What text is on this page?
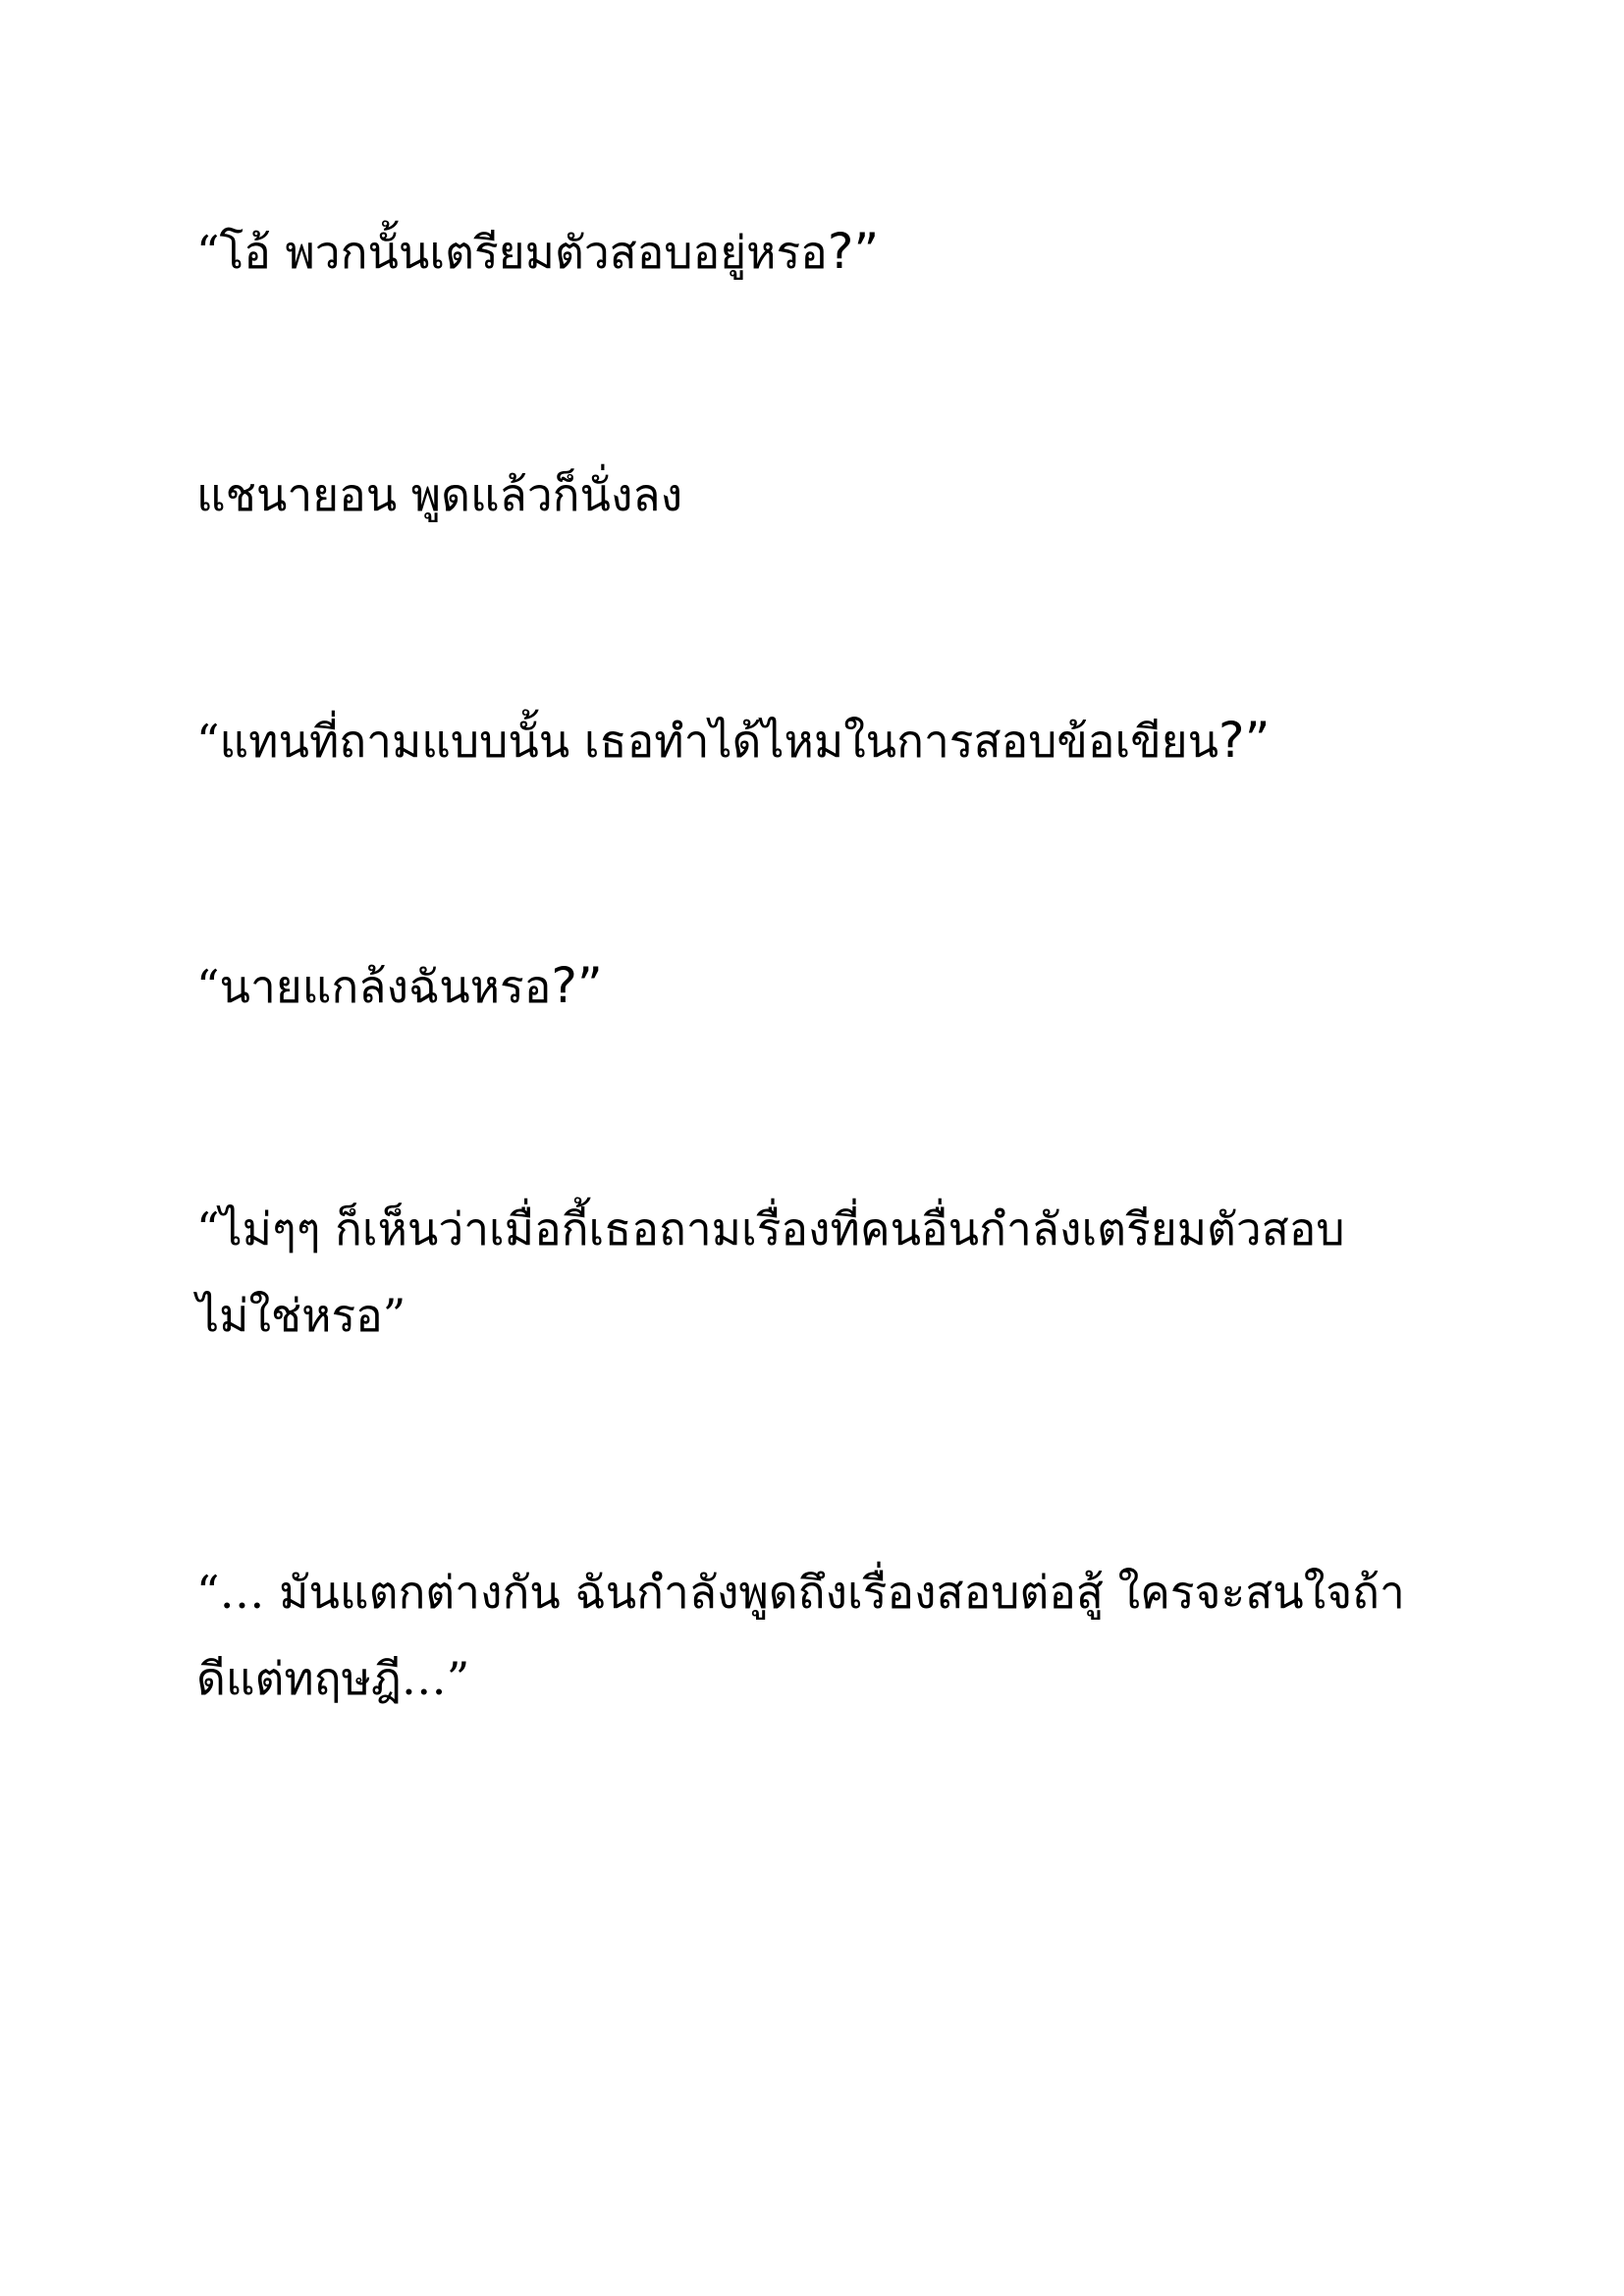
“โอ้ พวกนั้นเตรียมตัวสอบอยู่หรอ?”

แชนายอน พูดแล้วก็นั่งลง

“แทนที่ถามแบบนั้น เธอทำได้ไหมในการสอบข้อเขียน?”

“นายแกล้งฉันหรอ?”

“ไม่ๆๆ ก็เห็นว่าเมื่อกี้เธอถามเรื่องที่คนอื่นกำลังเตรียมตัวสอบ ไม่ใช่หรอ”

“… มันแตกต่างกัน ฉันกำลังพูดถึงเรื่องสอบต่อสู้ ใครจะสนใจถ้า ดีแต่ทฤษฎี…”
